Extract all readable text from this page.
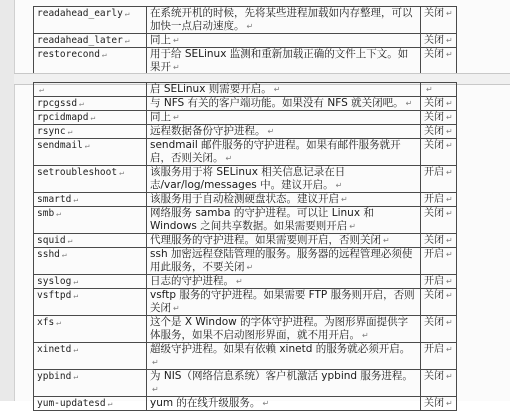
readahead_early ↵	在系统开机的时候，先将某些进程加载如内存整理，可以加快一点启动速度。 ↵	关闭 ↵
readahead_later ↵	同上 ↵	关闭 ↵
restorecond ↵	用于给 SELinux 监测和重新加载正确的文件上下文。如果开 ↵	关闭 ↵
↵	启 SELinux 则需要开启。 ↵	↵
rpcgssd ↵	与 NFS 有关的客户端功能。如果没有 NFS 就关闭吧。 ↵	关闭 ↵
rpcidmapd ↵	同上 ↵	关闭 ↵
rsync ↵	远程数据备份守护进程。 ↵	关闭 ↵
sendmail ↵	sendmail 邮件服务的守护进程。如果有邮件服务就开启，否则关闭。 ↵	关闭 ↵
setroubleshoot ↵	该服务用于将 SELinux 相关信息记录在日志/var/log/messages 中。建议开启。 ↵	开启 ↵
smartd ↵	该服务用于自动检测硬盘状态。建议开启 ↵	开启 ↵
smb ↵	网络服务 samba 的守护进程。可以让 Linux 和 Windows 之间共享数据。如果需要则开启 ↵	关闭 ↵
squid ↵	代理服务的守护进程。如果需要则开启，否则关闭 ↵	关闭 ↵
sshd ↵	ssh 加密远程登陆管理的服务。服务器的远程管理必须使用此服务，不要关闭 ↵	开启 ↵
syslog ↵	日志的守护进程。 ↵	开启 ↵
vsftpd ↵	vsftp 服务的守护进程。如果需要 FTP 服务则开启，否则关闭 ↵	关闭 ↵
xfs ↵	这个是 X Window 的字体守护进程。为图形界面提供字体服务，如果不启动图形界面，就不用开启。 ↵	关闭 ↵
xinetd ↵	超级守护进程。如果有依赖 xinetd 的服务就必须开启。↵	开启 ↵
ypbind ↵	为 NIS（网络信息系统）客户机激活 ypbind 服务进程。↵	关闭 ↵
yum-updatesd ↵	yum 的在线升级服务。 ↵	关闭 ↵
